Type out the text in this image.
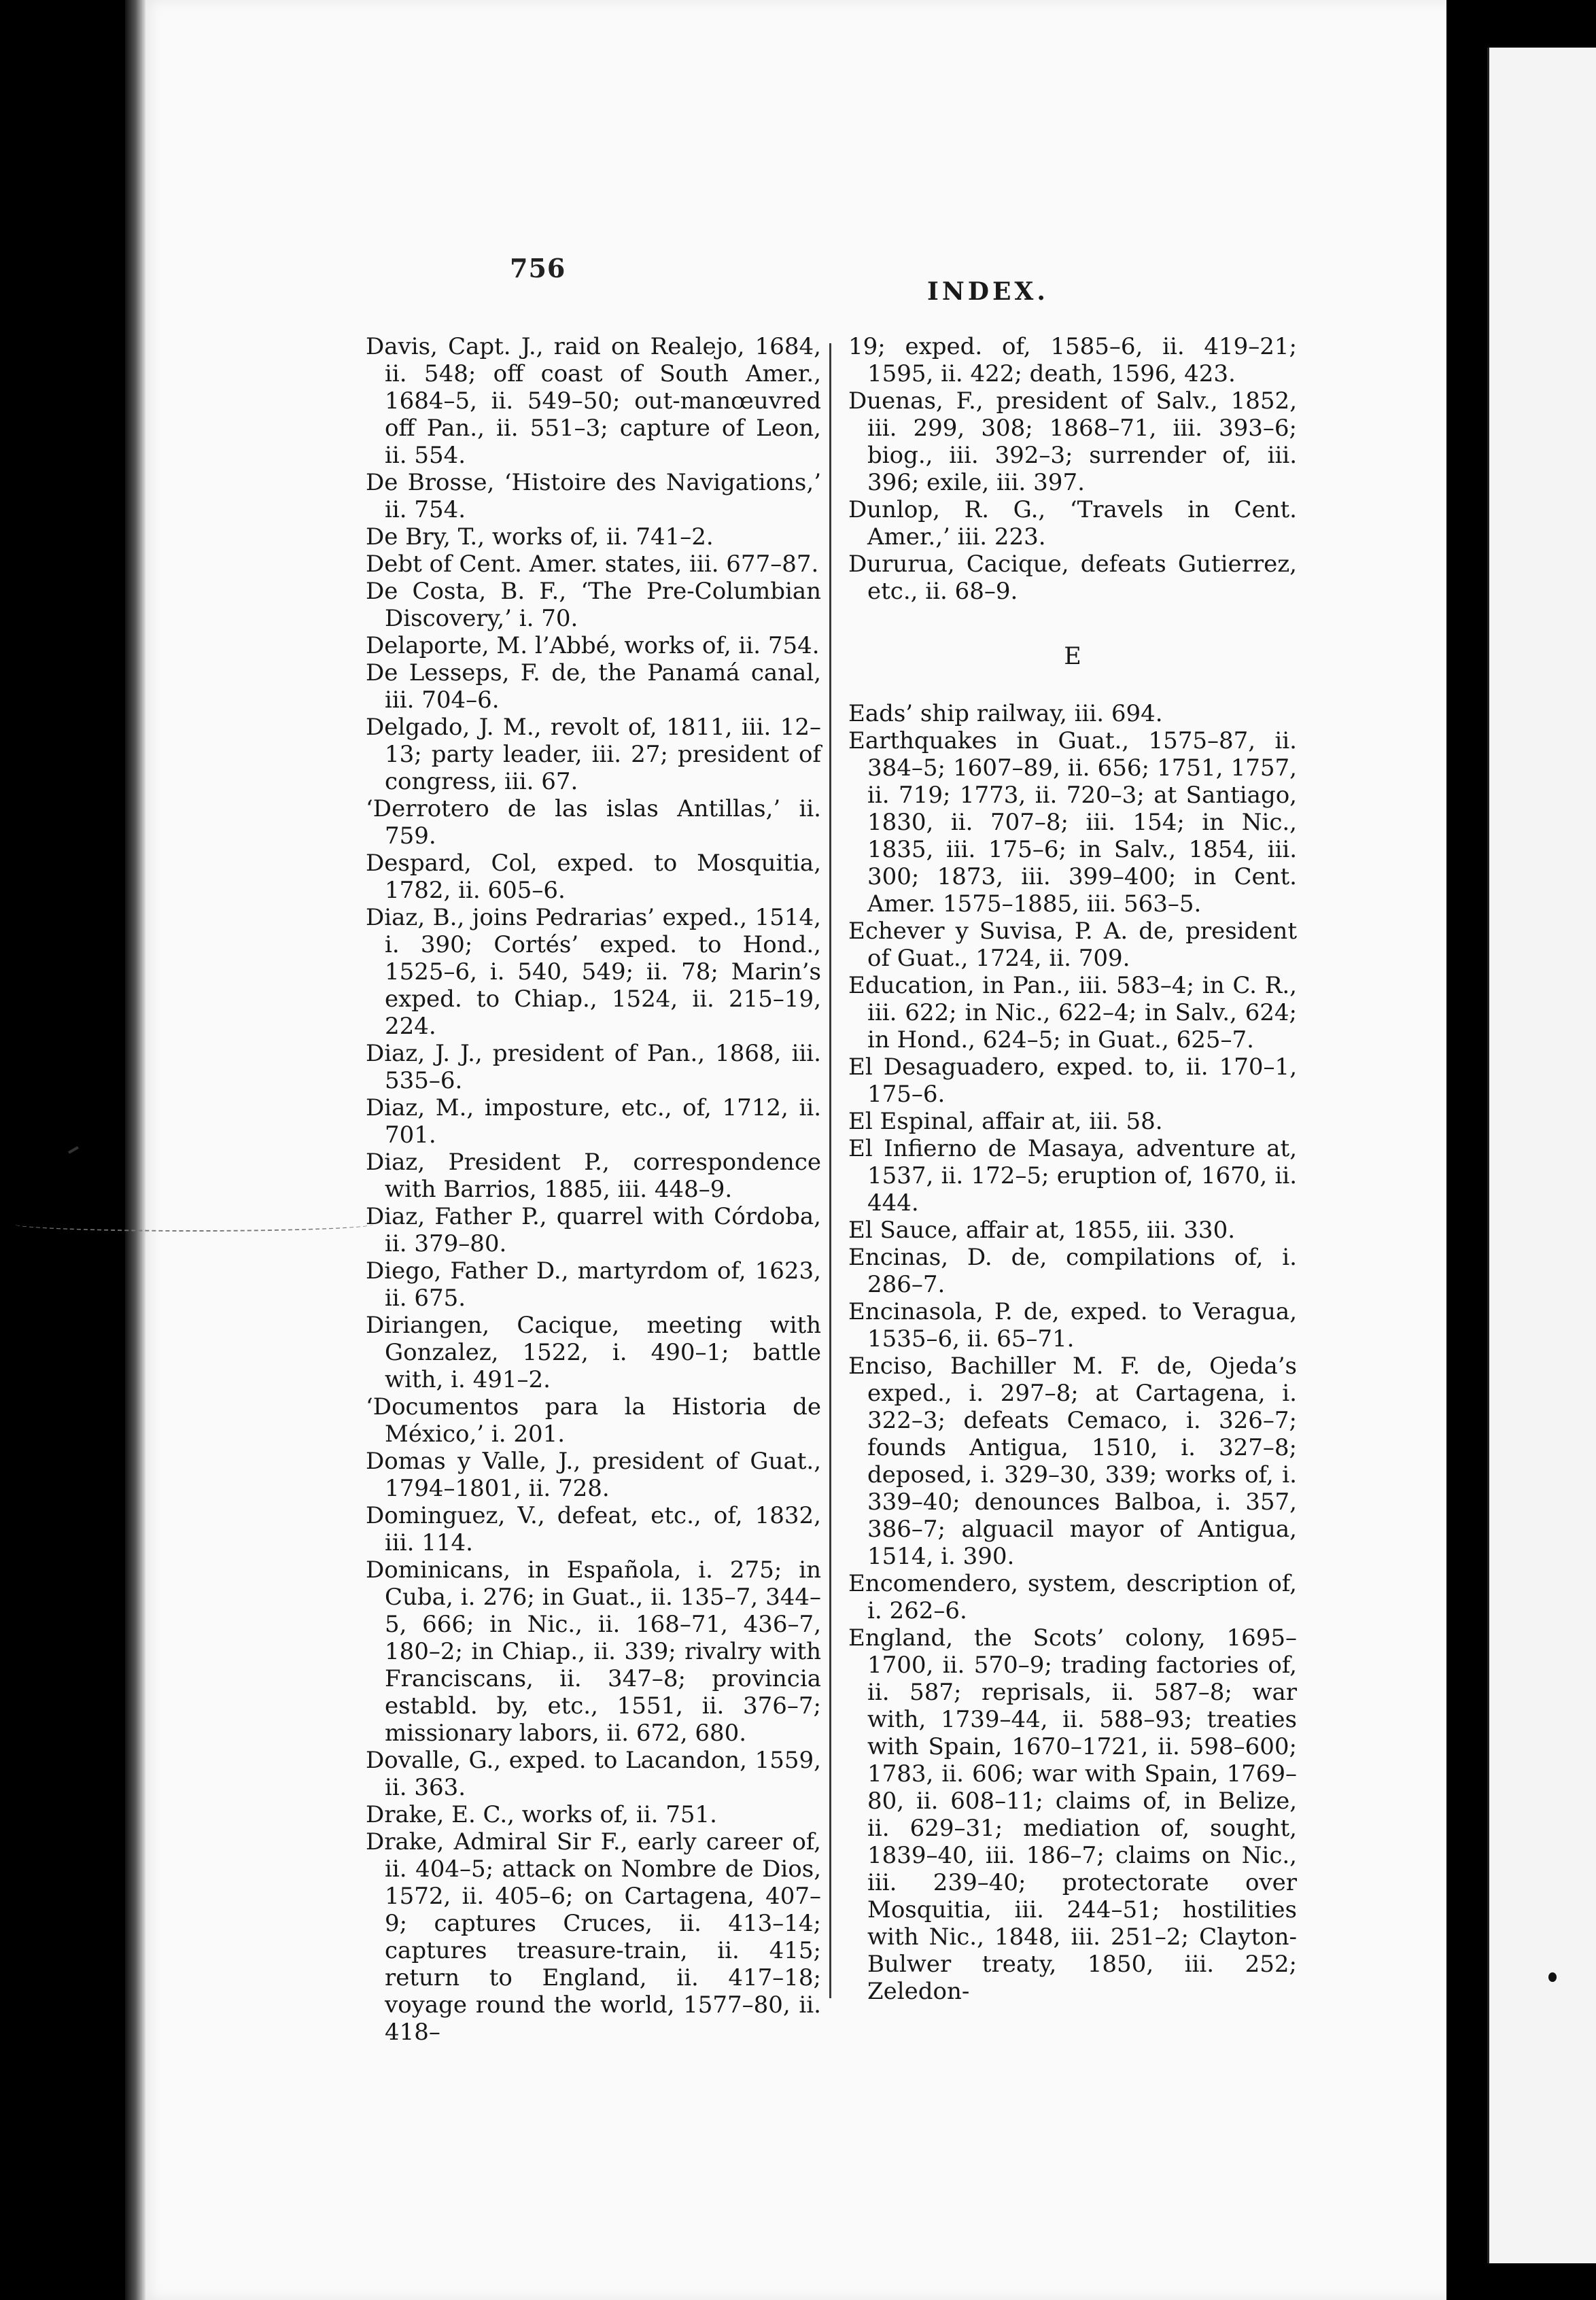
756
INDEX.

Davis, Capt. J., raid on Realejo, 1684, ii. 548; off coast of South Amer., 1684–5, ii. 549–50; out-manœuvred off Pan., ii. 551–3; capture of Leon, ii. 554.

De Brosse, ‘Histoire des Navigations,’ ii. 754.

De Bry, T., works of, ii. 741–2.

Debt of Cent. Amer. states, iii. 677–87.

De Costa, B. F., ‘The Pre-Columbian Discovery,’ i. 70.

Delaporte, M. l’Abbé, works of, ii. 754.

De Lesseps, F. de, the Panamá canal, iii. 704–6.

Delgado, J. M., revolt of, 1811, iii. 12–13; party leader, iii. 27; president of congress, iii. 67.

‘Derrotero de las islas Antillas,’ ii. 759.

Despard, Col, exped. to Mosquitia, 1782, ii. 605–6.

Diaz, B., joins Pedrarias’ exped., 1514, i. 390; Cortés’ exped. to Hond., 1525–6, i. 540, 549; ii. 78; Marin’s exped. to Chiap., 1524, ii. 215–19, 224.

Diaz, J. J., president of Pan., 1868, iii. 535–6.

Diaz, M., imposture, etc., of, 1712, ii. 701.

Diaz, President P., correspondence with Barrios, 1885, iii. 448–9.

Diaz, Father P., quarrel with Córdoba, ii. 379–80.

Diego, Father D., martyrdom of, 1623, ii. 675.

Diriangen, Cacique, meeting with Gonzalez, 1522, i. 490–1; battle with, i. 491–2.

‘Documentos para la Historia de México,’ i. 201.

Domas y Valle, J., president of Guat., 1794–1801, ii. 728.

Dominguez, V., defeat, etc., of, 1832, iii. 114.

Dominicans, in Española, i. 275; in Cuba, i. 276; in Guat., ii. 135–7, 344–5, 666; in Nic., ii. 168–71, 436–7, 180–2; in Chiap., ii. 339; rivalry with Franciscans, ii. 347–8; provincia establd. by, etc., 1551, ii. 376–7; missionary labors, ii. 672, 680.

Dovalle, G., exped. to Lacandon, 1559, ii. 363.

Drake, E. C., works of, ii. 751.

Drake, Admiral Sir F., early career of, ii. 404–5; attack on Nombre de Dios, 1572, ii. 405–6; on Cartagena, 407–9; captures Cruces, ii. 413–14; captures treasure-train, ii. 415; return to England, ii. 417–18; voyage round the world, 1577–80, ii. 418–

19; exped. of, 1585–6, ii. 419–21; 1595, ii. 422; death, 1596, 423.

Duenas, F., president of Salv., 1852, iii. 299, 308; 1868–71, iii. 393–6; biog., iii. 392–3; surrender of, iii. 396; exile, iii. 397.

Dunlop, R. G., ‘Travels in Cent. Amer.,’ iii. 223.

Dururua, Cacique, defeats Gutierrez, etc., ii. 68–9.

E

Eads’ ship railway, iii. 694.

Earthquakes in Guat., 1575–87, ii. 384–5; 1607–89, ii. 656; 1751, 1757, ii. 719; 1773, ii. 720–3; at Santiago, 1830, ii. 707–8; iii. 154; in Nic., 1835, iii. 175–6; in Salv., 1854, iii. 300; 1873, iii. 399–400; in Cent. Amer. 1575–1885, iii. 563–5.

Echever y Suvisa, P. A. de, president of Guat., 1724, ii. 709.

Education, in Pan., iii. 583–4; in C. R., iii. 622; in Nic., 622–4; in Salv., 624; in Hond., 624–5; in Guat., 625–7.

El Desaguadero, exped. to, ii. 170–1, 175–6.

El Espinal, affair at, iii. 58.

El Infierno de Masaya, adventure at, 1537, ii. 172–5; eruption of, 1670, ii. 444.

El Sauce, affair at, 1855, iii. 330.

Encinas, D. de, compilations of, i. 286–7.

Encinasola, P. de, exped. to Veragua, 1535–6, ii. 65–71.

Enciso, Bachiller M. F. de, Ojeda’s exped., i. 297–8; at Cartagena, i. 322–3; defeats Cemaco, i. 326–7; founds Antigua, 1510, i. 327–8; deposed, i. 329–30, 339; works of, i. 339–40; denounces Balboa, i. 357, 386–7; alguacil mayor of Antigua, 1514, i. 390.

Encomendero, system, description of, i. 262–6.

England, the Scots’ colony, 1695–1700, ii. 570–9; trading factories of, ii. 587; reprisals, ii. 587–8; war with, 1739–44, ii. 588–93; treaties with Spain, 1670–1721, ii. 598–600; 1783, ii. 606; war with Spain, 1769–80, ii. 608–11; claims of, in Belize, ii. 629–31; mediation of, sought, 1839–40, iii. 186–7; claims on Nic., iii. 239–40; protectorate over Mosquitia, iii. 244–51; hostilities with Nic., 1848, iii. 251–2; Clayton-Bulwer treaty, 1850, iii. 252; Zeledon-
